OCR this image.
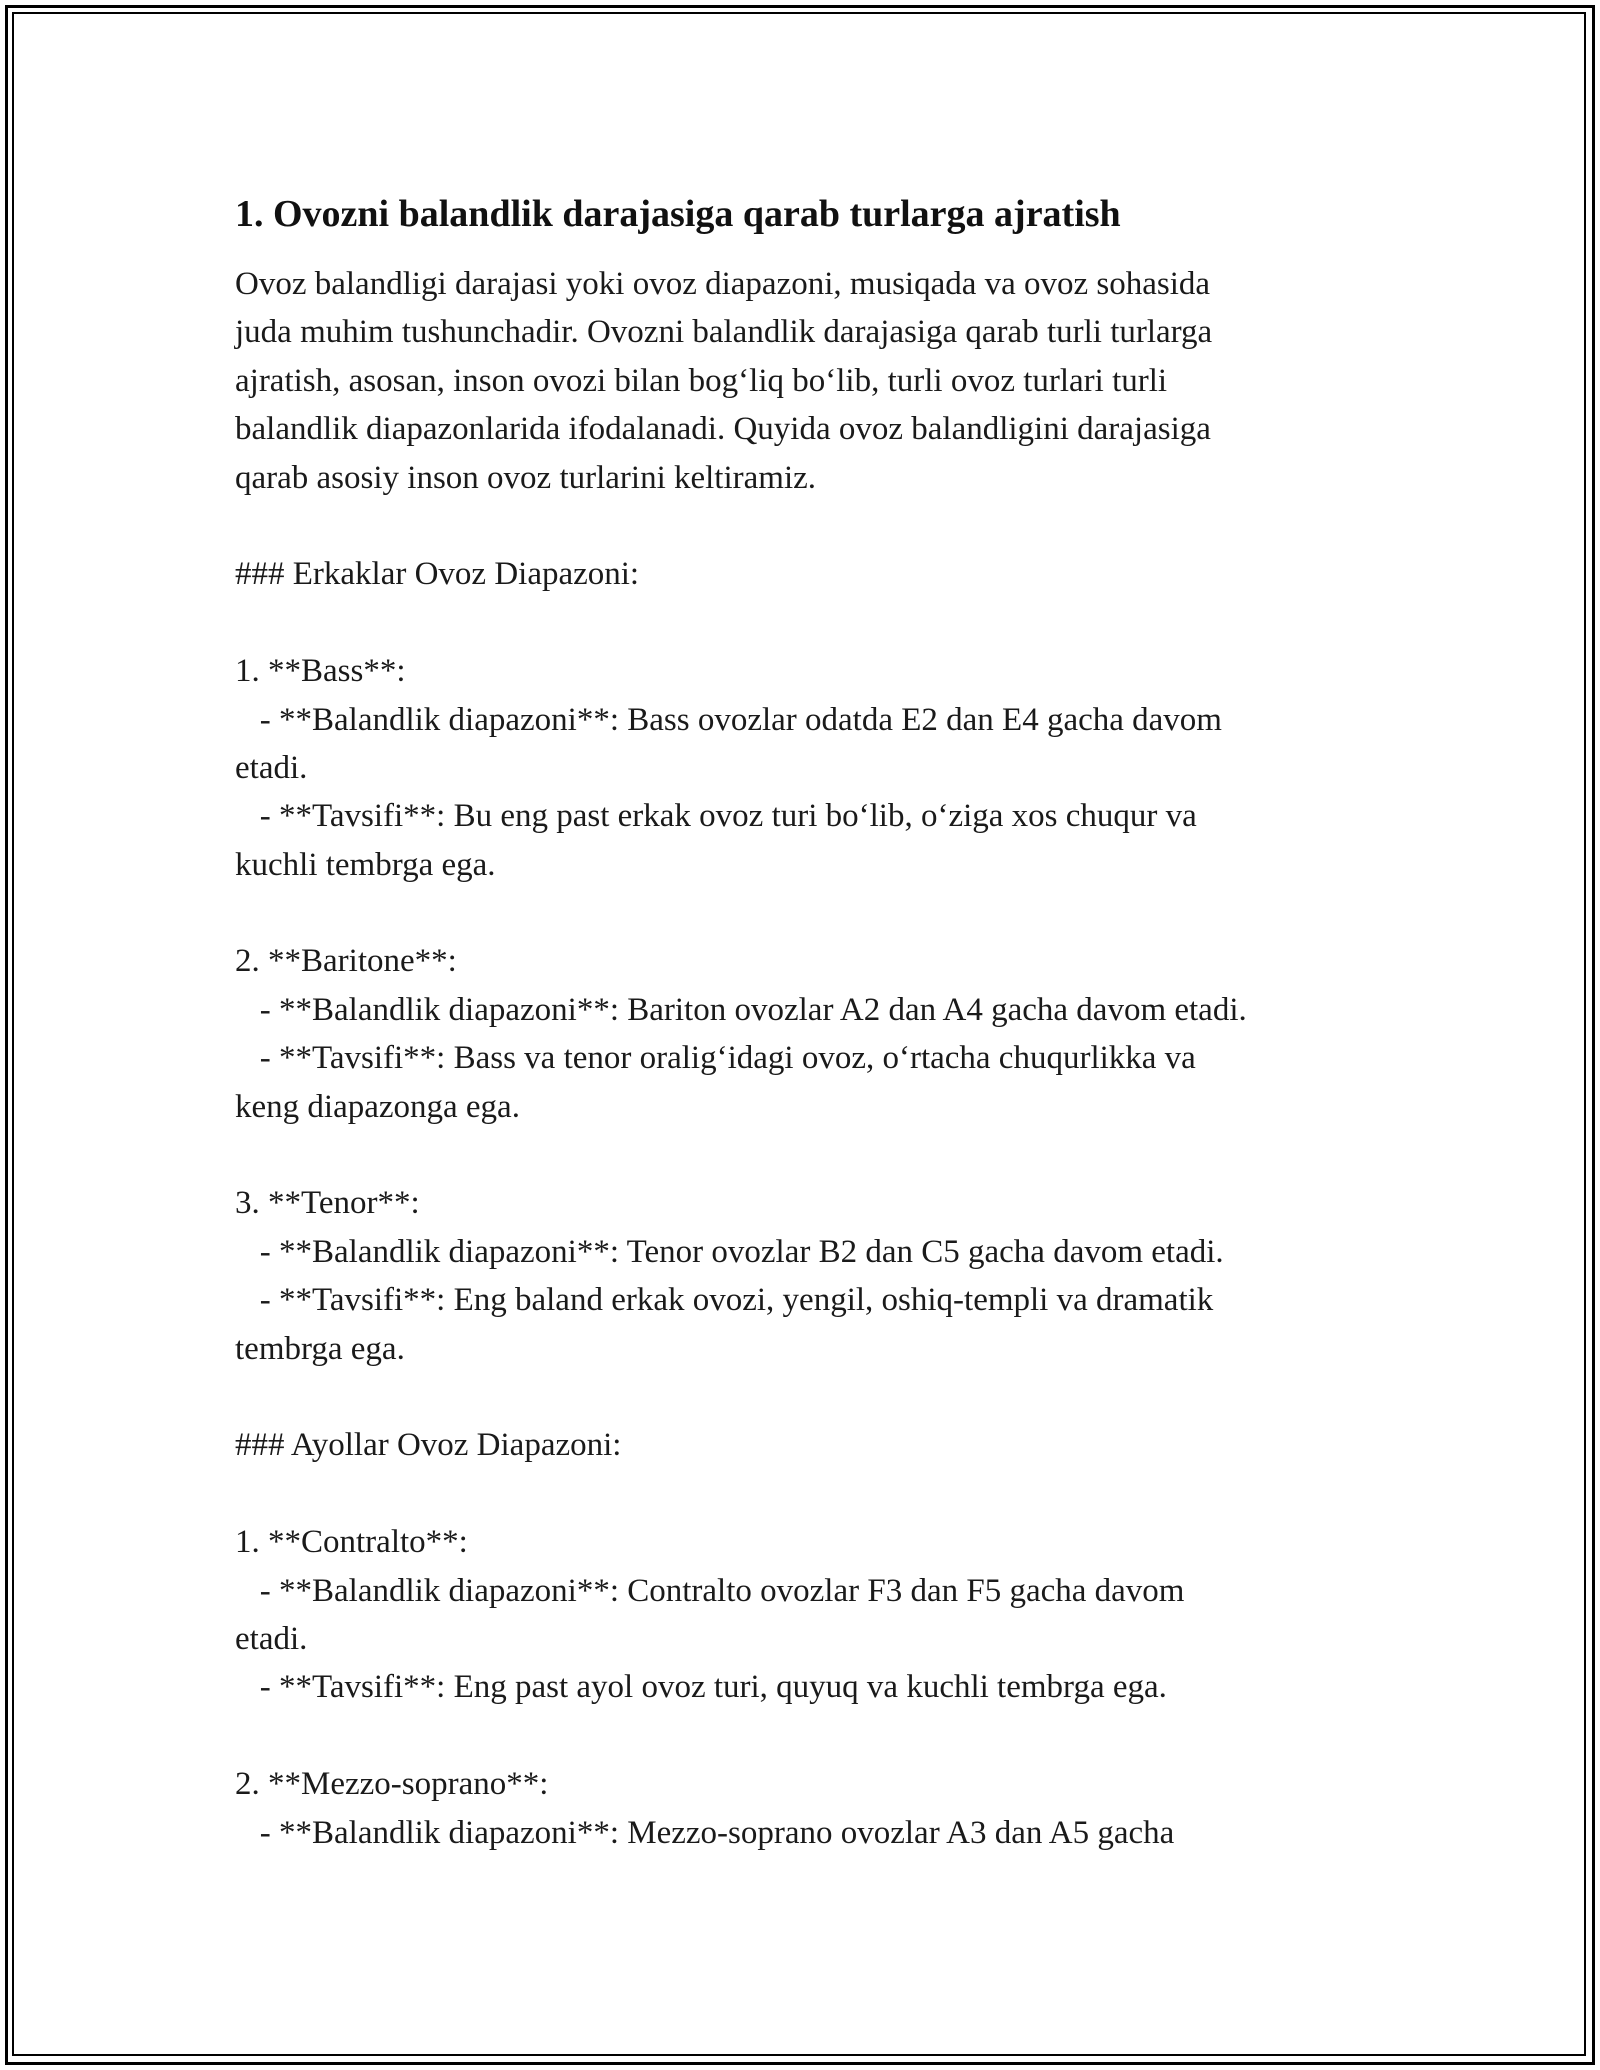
1. Ovozni balandlik darajasiga qarab turlarga ajratish
Ovoz balandligi darajasi yoki ovoz diapazoni, musiqada va ovoz sohasida
juda muhim tushunchadir. Ovozni balandlik darajasiga qarab turli turlarga
ajratish, asosan, inson ovozi bilan bog‘liq bo‘lib, turli ovoz turlari turli
balandlik diapazonlarida ifodalanadi. Quyida ovoz balandligini darajasiga
qarab asosiy inson ovoz turlarini keltiramiz.
### Erkaklar Ovoz Diapazoni:
1. **Bass**:
- **Balandlik diapazoni**: Bass ovozlar odatda E2 dan E4 gacha davom
etadi.
- **Tavsifi**: Bu eng past erkak ovoz turi bo‘lib, o‘ziga xos chuqur va
kuchli tembrga ega.
2. **Baritone**:
- **Balandlik diapazoni**: Bariton ovozlar A2 dan A4 gacha davom etadi.
- **Tavsifi**: Bass va tenor oralig‘idagi ovoz, o‘rtacha chuqurlikka va
keng diapazonga ega.
3. **Tenor**:
- **Balandlik diapazoni**: Tenor ovozlar B2 dan C5 gacha davom etadi.
- **Tavsifi**: Eng baland erkak ovozi, yengil, oshiq-templi va dramatik
tembrga ega.
### Ayollar Ovoz Diapazoni:
1. **Contralto**:
- **Balandlik diapazoni**: Contralto ovozlar F3 dan F5 gacha davom
etadi.
- **Tavsifi**: Eng past ayol ovoz turi, quyuq va kuchli tembrga ega.
2. **Mezzo-soprano**:
- **Balandlik diapazoni**: Mezzo-soprano ovozlar A3 dan A5 gacha
